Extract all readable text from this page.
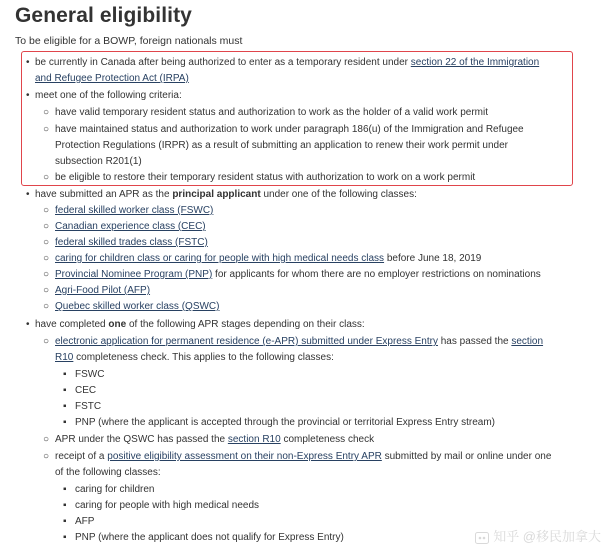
General eligibility
To be eligible for a BOWP, foreign nationals must
• be currently in Canada after being authorized to enter as a temporary resident under section 22 of the Immigration
and Refugee Protection Act (IRPA)
• meet one of the following criteria:
○ have valid temporary resident status and authorization to work as the holder of a valid work permit
○ have maintained status and authorization to work under paragraph 186(u) of the Immigration and Refugee
Protection Regulations (IRPR) as a result of submitting an application to renew their work permit under
subsection R201(1)
○ be eligible to restore their temporary resident status with authorization to work on a work permit
• have submitted an APR as the principal applicant under one of the following classes:
○ federal skilled worker class (FSWC)
○ Canadian experience class (CEC)
○ federal skilled trades class (FSTC)
○ caring for children class or caring for people with high medical needs class before June 18, 2019
○ Provincial Nominee Program (PNP) for applicants for whom there are no employer restrictions on nominations
○ Agri-Food Pilot (AFP)
○ Quebec skilled worker class (QSWC)
• have completed one of the following APR stages depending on their class:
○ electronic application for permanent residence (e-APR) submitted under Express Entry has passed the section
R10 completeness check. This applies to the following classes:
▪ FSWC
▪ CEC
▪ FSTC
▪ PNP (where the applicant is accepted through the provincial or territorial Express Entry stream)
○ APR under the QSWC has passed the section R10 completeness check
○ receipt of a positive eligibility assessment on their non-Express Entry APR submitted by mail or online under one
of the following classes:
▪ caring for children
▪ caring for people with high medical needs
▪ AFP
▪ PNP (where the applicant does not qualify for Express Entry)	知乎 @移民加拿大
